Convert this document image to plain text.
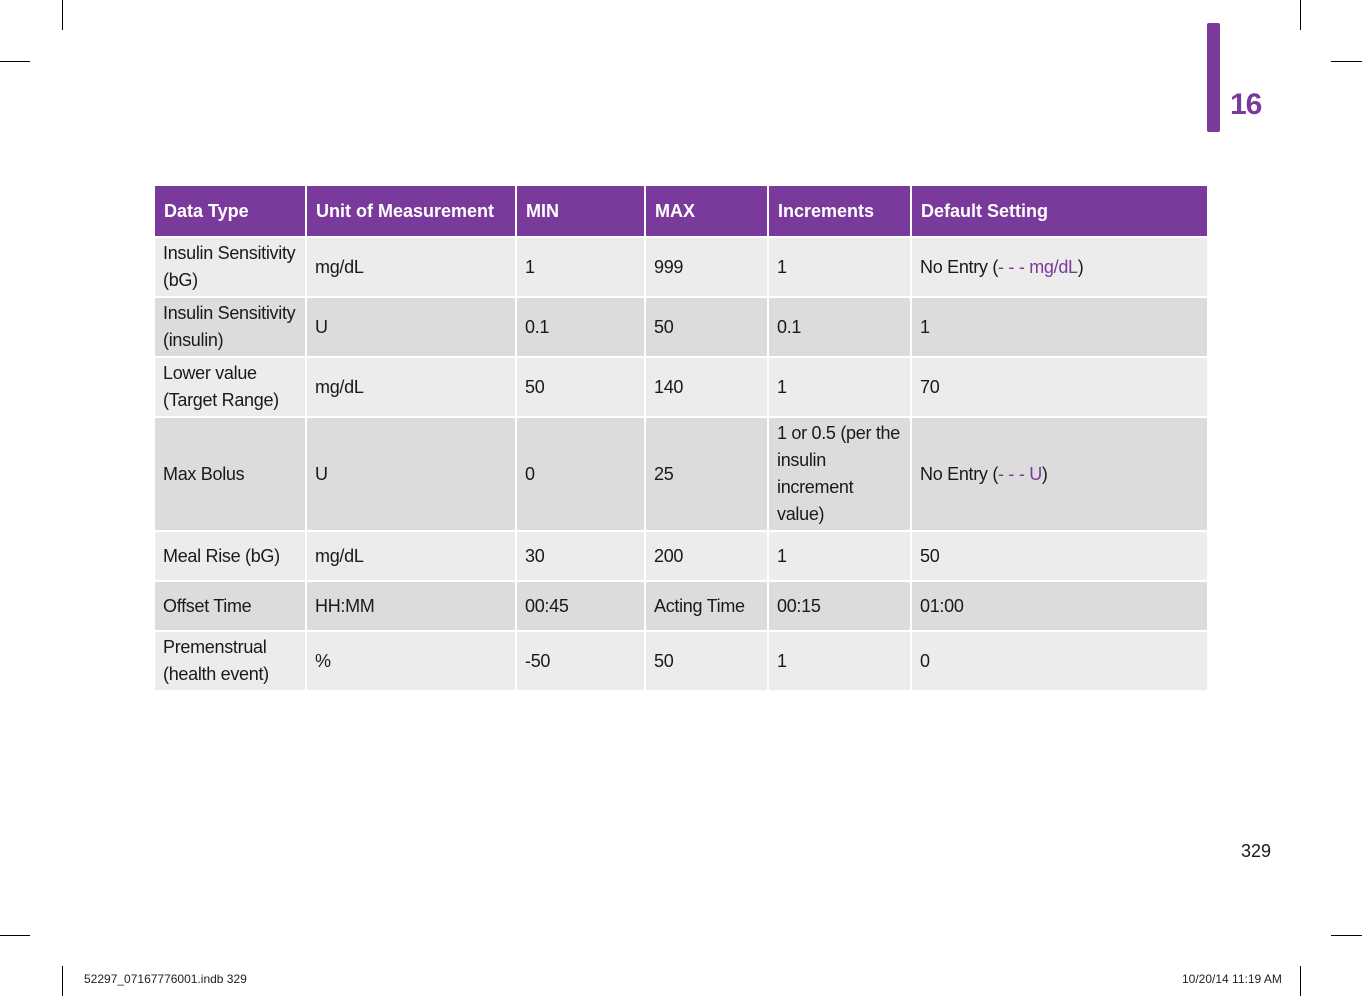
16
Data Type	Unit of Measurement	MIN	MAX	Increments	Default Setting
Insulin Sensitivity (bG)	mg/dL	1	999	1	No Entry (- - - mg/dL)
Insulin Sensitivity (insulin)	U	0.1	50	0.1	1
Lower value (Target Range)	mg/dL	50	140	1	70
Max Bolus	U	0	25	1 or 0.5 (per the insulin increment value)	No Entry (- - - U)
Meal Rise (bG)	mg/dL	30	200	1	50
Offset Time	HH:MM	00:45	Acting Time	00:15	01:00
Premenstrual (health event)	%	-50	50	1	0
329
52297_07167776001.indb 329	10/20/14 11:19 AM
